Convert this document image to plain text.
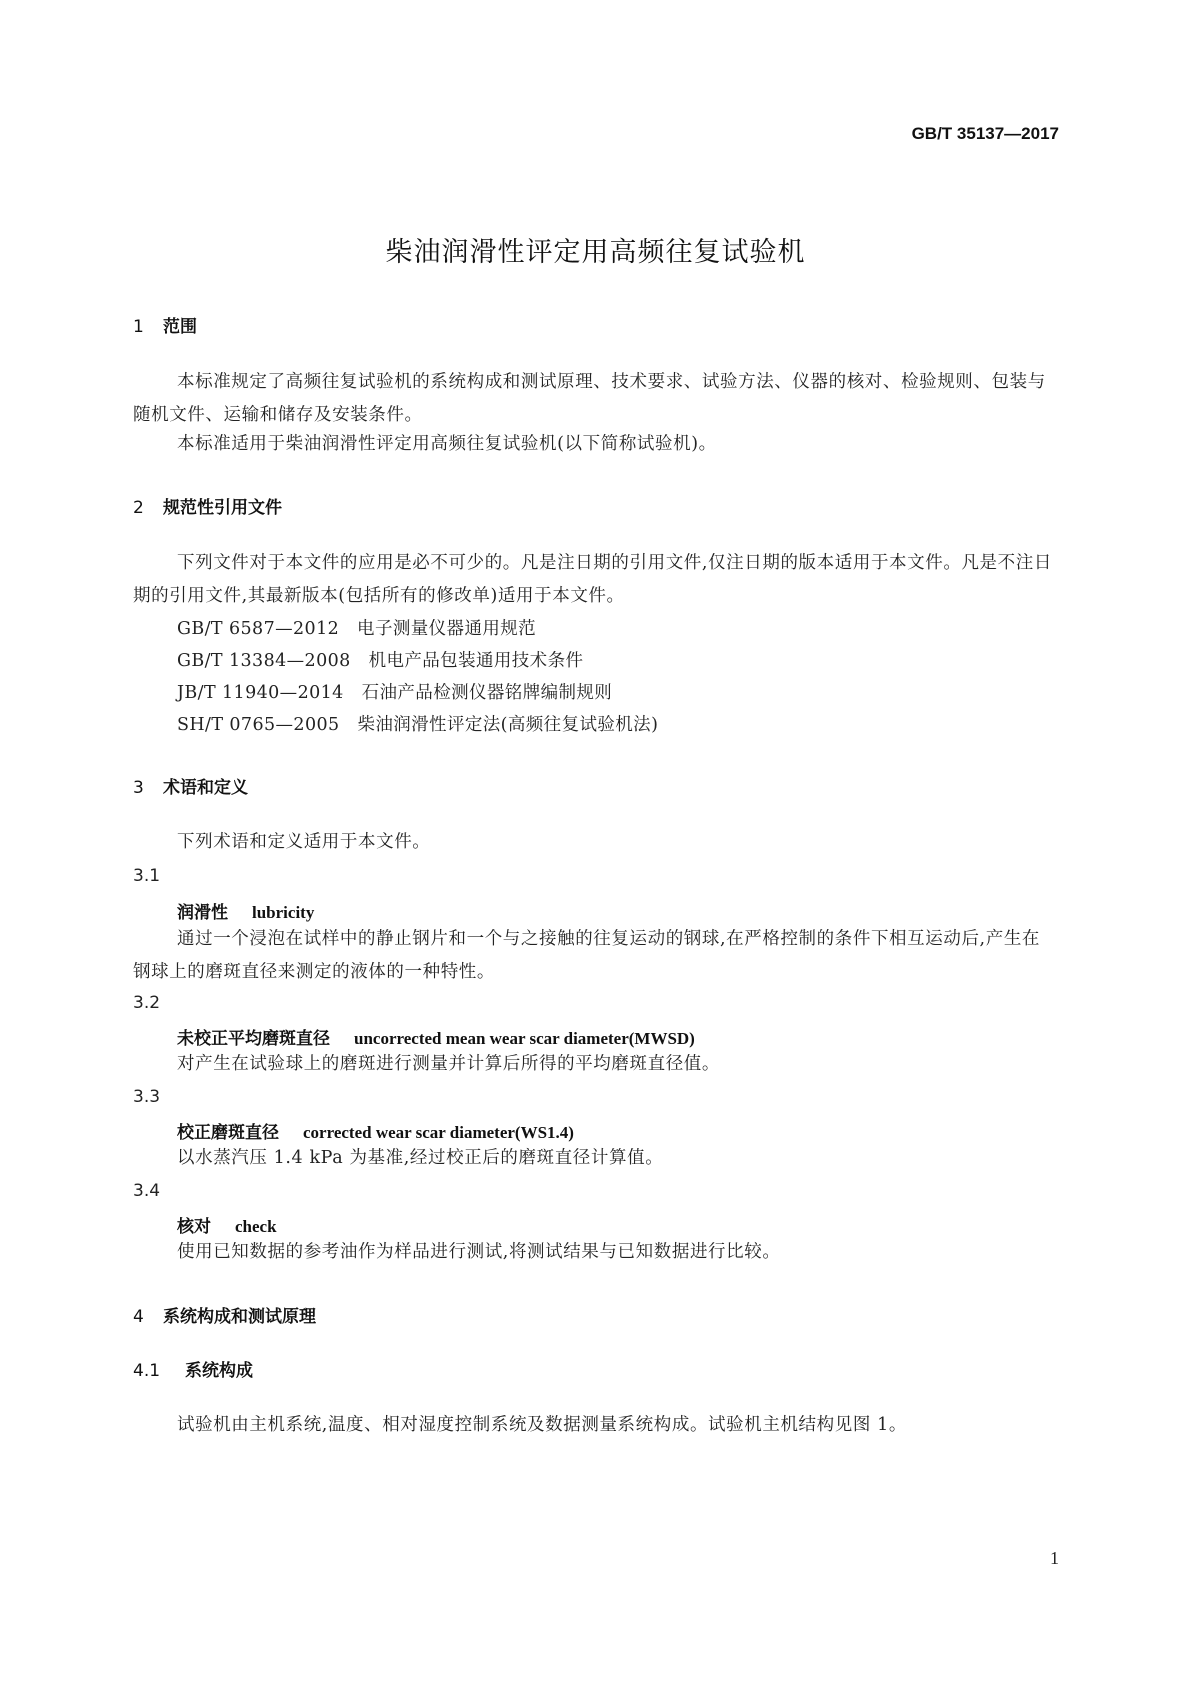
GB/T 35137—2017
柴油润滑性评定用高频往复试验机
1 范围
本标准规定了高频往复试验机的系统构成和测试原理、技术要求、试验方法、仪器的核对、检验规则、包装与随机文件、运输和储存及安装条件。
本标准适用于柴油润滑性评定用高频往复试验机(以下简称试验机)。
2 规范性引用文件
下列文件对于本文件的应用是必不可少的。凡是注日期的引用文件,仅注日期的版本适用于本文件。凡是不注日期的引用文件,其最新版本(包括所有的修改单)适用于本文件。
GB/T 6587—2012 电子测量仪器通用规范
GB/T 13384—2008 机电产品包装通用技术条件
JB/T 11940—2014 石油产品检测仪器铭牌编制规则
SH/T 0765—2005 柴油润滑性评定法(高频往复试验机法)
3 术语和定义
下列术语和定义适用于本文件。
3.1
润滑性 lubricity
通过一个浸泡在试样中的静止钢片和一个与之接触的往复运动的钢球,在严格控制的条件下相互运动后,产生在钢球上的磨斑直径来测定的液体的一种特性。
3.2
未校正平均磨斑直径 uncorrected mean wear scar diameter(MWSD)
对产生在试验球上的磨斑进行测量并计算后所得的平均磨斑直径值。
3.3
校正磨斑直径 corrected wear scar diameter(WS1.4)
以水蒸汽压 1.4 kPa 为基准,经过校正后的磨斑直径计算值。
3.4
核对 check
使用已知数据的参考油作为样品进行测试,将测试结果与已知数据进行比较。
4 系统构成和测试原理
4.1 系统构成
试验机由主机系统,温度、相对湿度控制系统及数据测量系统构成。试验机主机结构见图 1。
1
